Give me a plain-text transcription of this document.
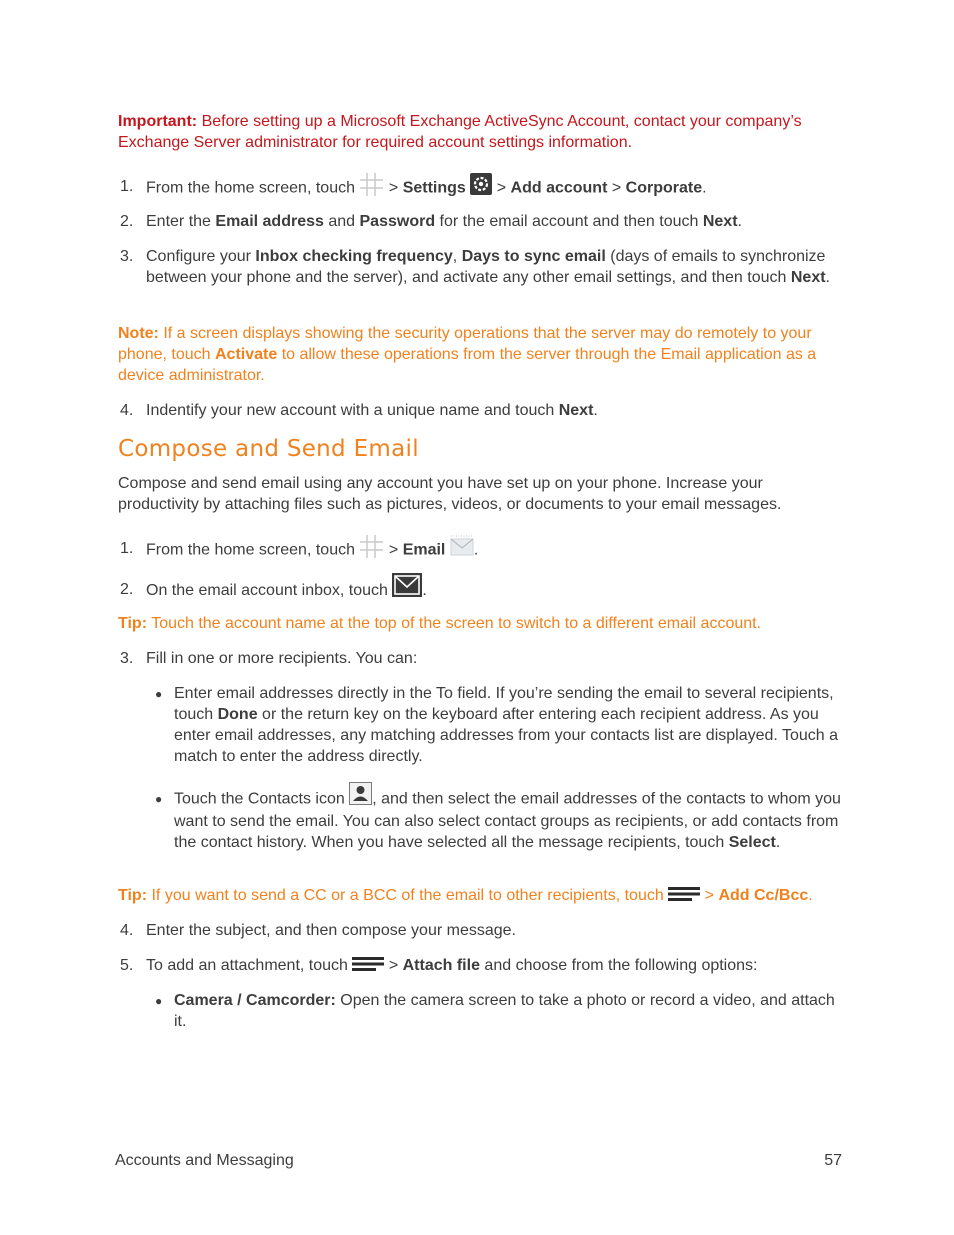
Important: Before setting up a Microsoft Exchange ActiveSync Account, contact your company’s Exchange Server administrator for required account settings information.
1. From the home screen, touch > Settings > Add account > Corporate.
2. Enter the Email address and Password for the email account and then touch Next.
3. Configure your Inbox checking frequency, Days to sync email (days of emails to synchronize between your phone and the server), and activate any other email settings, and then touch Next.
Note: If a screen displays showing the security operations that the server may do remotely to your phone, touch Activate to allow these operations from the server through the Email application as a device administrator.
4. Indentify your new account with a unique name and touch Next.
Compose and Send Email
Compose and send email using any account you have set up on your phone. Increase your productivity by attaching files such as pictures, videos, or documents to your email messages.
1. From the home screen, touch > Email .
2. On the email account inbox, touch .
Tip: Touch the account name at the top of the screen to switch to a different email account.
3. Fill in one or more recipients. You can:
● Enter email addresses directly in the To field. If you’re sending the email to several recipients, touch Done or the return key on the keyboard after entering each recipient address. As you enter email addresses, any matching addresses from your contacts list are displayed. Touch a match to enter the address directly.
● Touch the Contacts icon , and then select the email addresses of the contacts to whom you want to send the email. You can also select contact groups as recipients, or add contacts from the contact history. When you have selected all the message recipients, touch Select.
Tip: If you want to send a CC or a BCC of the email to other recipients, touch	> Add Cc/Bcc.
4. Enter the subject, and then compose your message.
5. To add an attachment, touch	> Attach file and choose from the following options:
● Camera / Camcorder: Open the camera screen to take a photo or record a video, and attach it.
Accounts and Messaging	57
